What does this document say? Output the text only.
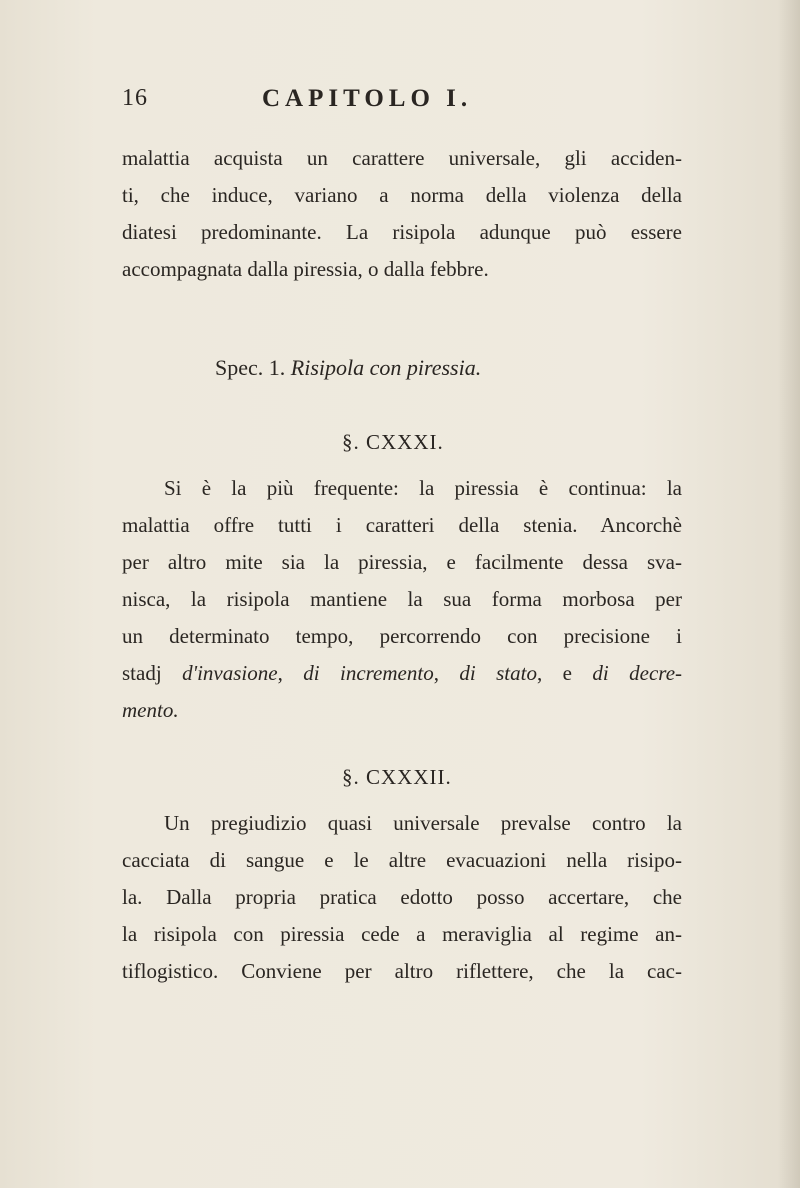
16	CAPITOLO I.

malattia acquista un carattere universale, gli acciden-
ti, che induce, variano a norma della violenza della
diatesi predominante. La risipola adunque può essere
accompagnata dalla piressia, o dalla febbre.

Spec. 1. Risipola con piressia.
§. CXXXI.

Si è la più frequente: la piressia è continua: la
malattia offre tutti i caratteri della stenia. Ancorchè
per altro mite sia la piressia, e facilmente dessa sva-
nisca, la risipola mantiene la sua forma morbosa per
un determinato tempo, percorrendo con precisione i
stadj d'invasione, di incremento, di stato, e di decre-
mento.

§. CXXXII.

Un pregiudizio quasi universale prevalse contro la
cacciata di sangue e le altre evacuazioni nella risipo-
la. Dalla propria pratica edotto posso accertare, che
la risipola con piressia cede a meraviglia al regime an-
tiflogistico. Conviene per altro riflettere, che la cac-
